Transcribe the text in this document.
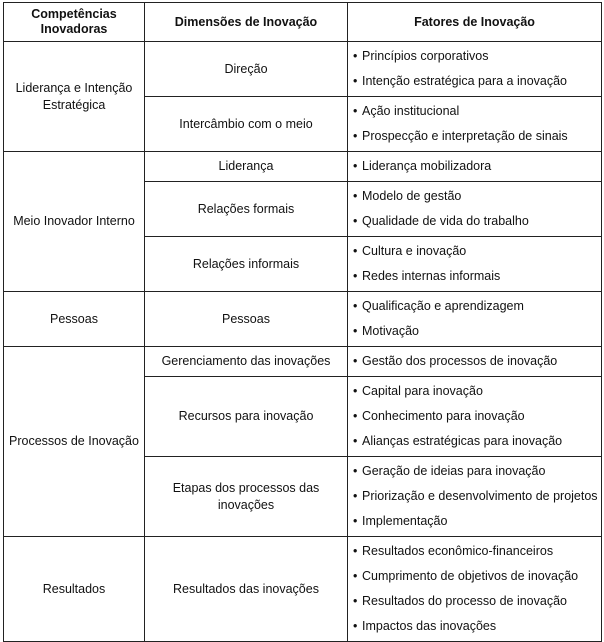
Competências Inovadoras	Dimensões de Inovação	Fatores de Inovação
Liderança e Intenção Estratégica	Direção	• Princípios corporativos
• Intenção estratégica para a inovação

	Intercâmbio com o meio	• Ação institucional
• Prospecção e interpretação de sinais

Meio Inovador Interno	Liderança	• Liderança mobilizadora

	Relações formais	• Modelo de gestão
• Qualidade de vida do trabalho

	Relações informais	• Cultura e inovação
• Redes internas informais

Pessoas	Pessoas	• Qualificação e aprendizagem
• Motivação

Processos de Inovação	Gerenciamento das inovações	• Gestão dos processos de inovação

	Recursos para inovação	• Capital para inovação
• Conhecimento para inovação
• Alianças estratégicas para inovação

	Etapas dos processos das inovações	• Geração de ideias para inovação
• Priorização e desenvolvimento de projetos
• Implementação

Resultados	Resultados das inovações	• Resultados econômico-financeiros
• Cumprimento de objetivos de inovação
• Resultados do processo de inovação
• Impactos das inovações
